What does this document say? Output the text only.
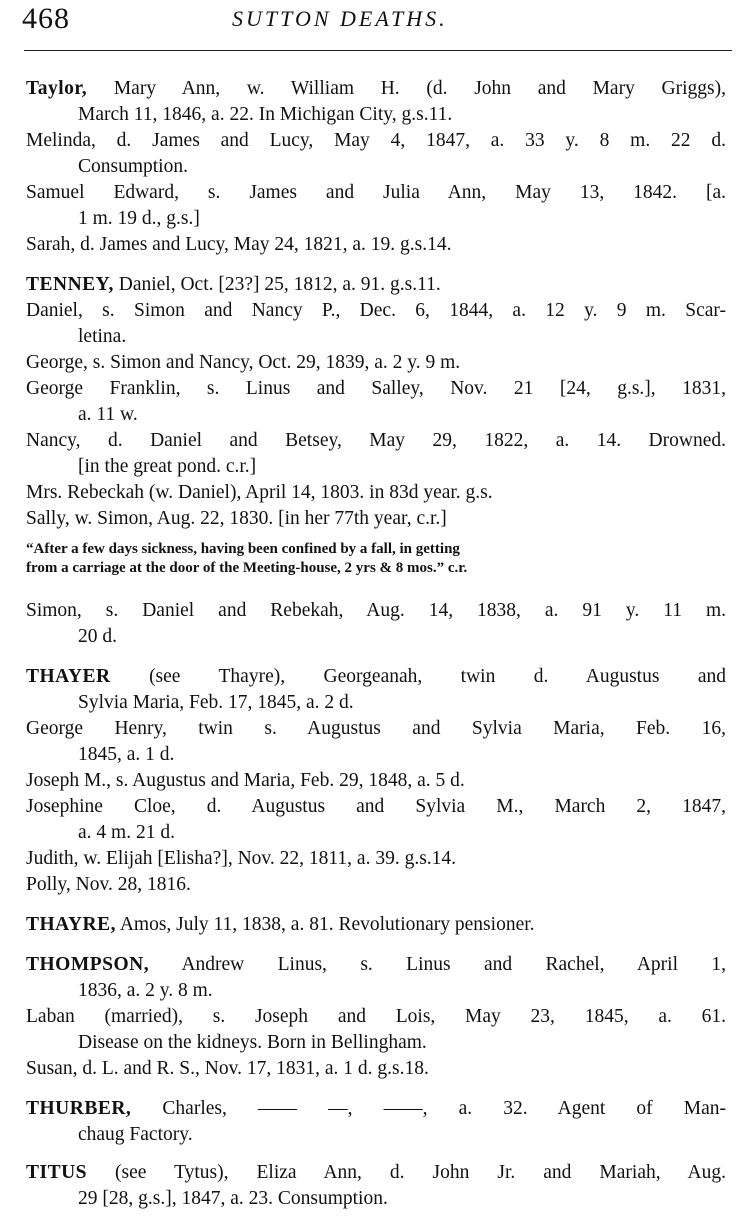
468	SUTTON DEATHS.
Taylor, Mary Ann, w. William H. (d. John and Mary Griggs),
March 11, 1846, a. 22. In Michigan City, g.s.11.
Melinda, d. James and Lucy, May 4, 1847, a. 33 y. 8 m. 22 d.
Consumption.
Samuel Edward, s. James and Julia Ann, May 13, 1842. [a.
1 m. 19 d., g.s.]
Sarah, d. James and Lucy, May 24, 1821, a. 19. g.s.14.
TENNEY, Daniel, Oct. [23?] 25, 1812, a. 91. g.s.11.
Daniel, s. Simon and Nancy P., Dec. 6, 1844, a. 12 y. 9 m. Scar-
letina.
George, s. Simon and Nancy, Oct. 29, 1839, a. 2 y. 9 m.
George Franklin, s. Linus and Salley, Nov. 21 [24, g.s.], 1831,
a. 11 w.
Nancy, d. Daniel and Betsey, May 29, 1822, a. 14. Drowned.
[in the great pond. c.r.]
Mrs. Rebeckah (w. Daniel), April 14, 1803. in 83d year. g.s.
Sally, w. Simon, Aug. 22, 1830. [in her 77th year, c.r.]
“After a few days sickness, having been confined by a fall, in getting
from a carriage at the door of the Meeting-house, 2 yrs & 8 mos.” c.r.
Simon, s. Daniel and Rebekah, Aug. 14, 1838, a. 91 y. 11 m.
20 d.
THAYER (see Thayre), Georgeanah, twin d. Augustus and
Sylvia Maria, Feb. 17, 1845, a. 2 d.
George Henry, twin s. Augustus and Sylvia Maria, Feb. 16,
1845, a. 1 d.
Joseph M., s. Augustus and Maria, Feb. 29, 1848, a. 5 d.
Josephine Cloe, d. Augustus and Sylvia M., March 2, 1847,
a. 4 m. 21 d.
Judith, w. Elijah [Elisha?], Nov. 22, 1811, a. 39. g.s.14.
Polly, Nov. 28, 1816.
THAYRE, Amos, July 11, 1838, a. 81. Revolutionary pensioner.
THOMPSON, Andrew Linus, s. Linus and Rachel, April 1,
1836, a. 2 y. 8 m.
Laban (married), s. Joseph and Lois, May 23, 1845, a. 61.
Disease on the kidneys. Born in Bellingham.
Susan, d. L. and R. S., Nov. 17, 1831, a. 1 d. g.s.18.
THURBER, Charles, —— —, ——, a. 32. Agent of Man-
chaug Factory.
TITUS (see Tytus), Eliza Ann, d. John Jr. and Mariah, Aug.
29 [28, g.s.], 1847, a. 23. Consumption.
